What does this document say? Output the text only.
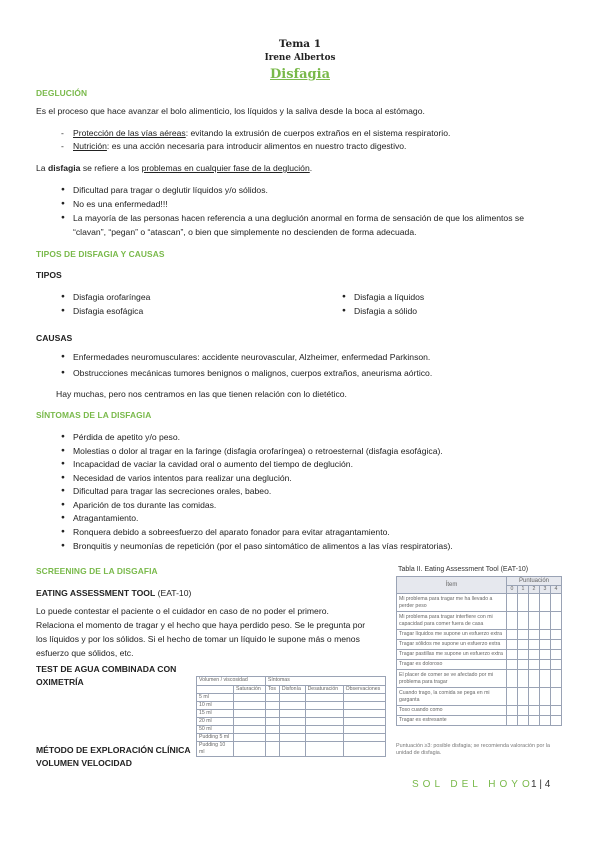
Tema 1
Irene Albertos
Disfagia
DEGLUCIÓN
Es el proceso que hace avanzar el bolo alimenticio, los líquidos y la saliva desde la boca al estómago.
- Protección de las vías aéreas: evitando la extrusión de cuerpos extraños en el sistema respiratorio.
- Nutrición: es una acción necesaria para introducir alimentos en nuestro tracto digestivo.
La disfagia se refiere a los problemas en cualquier fase de la deglución.
● Dificultad para tragar o deglutir líquidos y/o sólidos.
● No es una enfermedad!!!
● La mayoría de las personas hacen referencia a una deglución anormal en forma de sensación de que los alimentos se “clavan”, “pegan” o “atascan”, o bien que simplemente no descienden de forma adecuada.
TIPOS DE DISFAGIA Y CAUSAS
TIPOS
● Disfagia orofaríngea
● Disfagia esofágica
● Disfagia a líquidos
● Disfagia a sólido
CAUSAS
● Enfermedades neuromusculares: accidente neurovascular, Alzheimer, enfermedad Parkinson.
● Obstrucciones mecánicas tumores benignos o malignos, cuerpos extraños, aneurisma aórtico.
Hay muchas, pero nos centramos en las que tienen relación con lo dietético.
SÍNTOMAS DE LA DISFAGIA
● Pérdida de apetito y/o peso.
● Molestias o dolor al tragar en la faringe (disfagia orofaríngea) o retroesternal (disfagia esofágica).
● Incapacidad de vaciar la cavidad oral o aumento del tiempo de deglución.
● Necesidad de varios intentos para realizar una deglución.
● Dificultad para tragar las secreciones orales, babeo.
● Aparición de tos durante las comidas.
● Atragantamiento.
● Ronquera debido a sobreesfuerzo del aparato fonador para evitar atragantamiento.
● Bronquitis y neumonías de repetición (por el paso sintomático de alimentos a las vías respiratorias).
SCREENING DE LA DISGAFIA
EATING ASSESSMENT TOOL (EAT-10)
Lo puede contestar el paciente o el cuidador en caso de no poder el primero. Relaciona el momento de tragar y el hecho que haya perdido peso. Se le pregunta por los líquidos y por los sólidos. Si el hecho de tomar un líquido le supone más o menos esfuerzo que sólidos, etc.
TEST DE AGUA COMBINADA CON OXIMETRÍA
MÉTODO DE EXPLORACIÓN CLÍNICA VOLUMEN VELOCIDAD
Volumen / viscosidad		Síntomas			
	Saturación	Tos	Disfonía	Desaturación	Observaciones
5 ml					
10 ml					
15 ml					
20 ml					
50 ml					
Pudding 5 ml					
Pudding 10 ml					
Tabla II. Eating Assessment Tool (EAT-10)
Ítem	Puntuación				
	0	1	2	3	4
Mi problema para tragar me ha llevado a perder peso					
Mi problema para tragar interfiere con mi capacidad para comer fuera de casa					
Tragar líquidos me supone un esfuerzo extra					
Tragar sólidos me supone un esfuerzo extra					
Tragar pastillas me supone un esfuerzo extra					
Tragar es doloroso					
El placer de comer se ve afectado por mi problema para tragar					
Cuando trago, la comida se pega en mi garganta					
Toso cuando como					
Tragar es estresante					
Puntuación ≥3: posible disfagia; se recomienda valoración por la unidad de disfagia.
SOL DEL HOYO
1 | 4
